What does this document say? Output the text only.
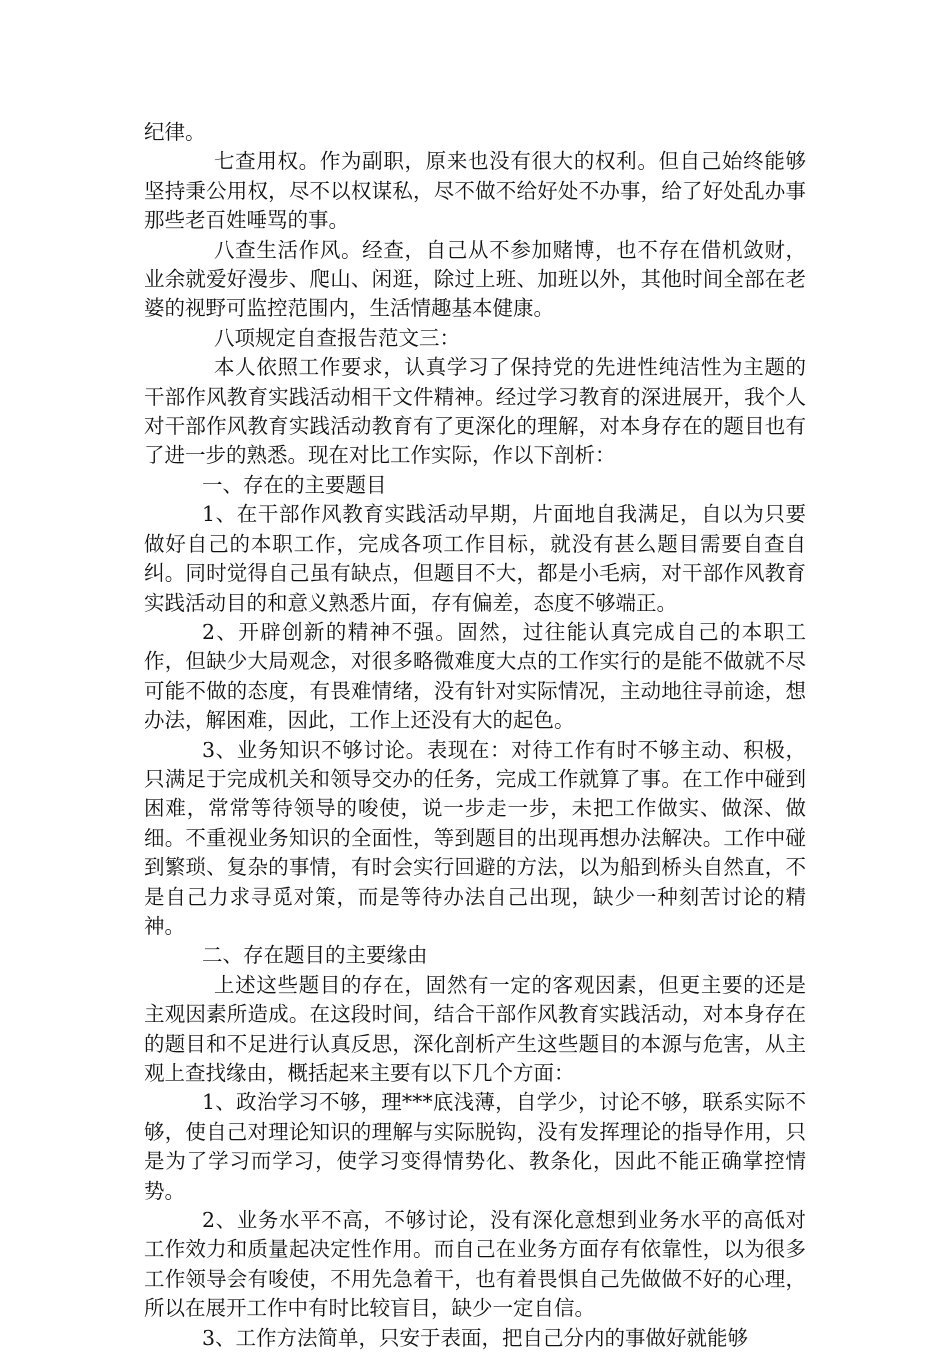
纪律。

七查用权。作为副职，原来也没有很大的权利。但自己始终能够坚持秉公用权，尽不以权谋私，尽不做不给好处不办事，给了好处乱办事那些老百姓唾骂的事。

八查生活作风。经查，自己从不参加赌博，也不存在借机敛财，业余就爱好漫步、爬山、闲逛，除过上班、加班以外，其他时间全部在老婆的视野可监控范围内，生活情趣基本健康。

八项规定自查报告范文三：

本人依照工作要求，认真学习了保持党的先进性纯洁性为主题的干部作风教育实践活动相干文件精神。经过学习教育的深进展开，我个人对干部作风教育实践活动教育有了更深化的理解，对本身存在的题目也有了进一步的熟悉。现在对比工作实际，作以下剖析：

一、存在的主要题目

1、在干部作风教育实践活动早期，片面地自我满足，自以为只要做好自己的本职工作，完成各项工作目标，就没有甚么题目需要自查自纠。同时觉得自己虽有缺点，但题目不大，都是小毛病，对干部作风教育实践活动目的和意义熟悉片面，存有偏差，态度不够端正。

2、开辟创新的精神不强。固然，过往能认真完成自己的本职工作，但缺少大局观念，对很多略微难度大点的工作实行的是能不做就不尽可能不做的态度，有畏难情绪，没有针对实际情况，主动地往寻前途，想办法，解困难，因此，工作上还没有大的起色。

3、业务知识不够讨论。表现在：对待工作有时不够主动、积极，只满足于完成机关和领导交办的任务，完成工作就算了事。在工作中碰到困难，常常等待领导的唆使，说一步走一步，未把工作做实、做深、做细。不重视业务知识的全面性，等到题目的出现再想办法解决。工作中碰到繁琐、复杂的事情，有时会实行回避的方法，以为船到桥头自然直，不是自己力求寻觅对策，而是等待办法自己出现，缺少一种刻苦讨论的精神。

二、存在题目的主要缘由

上述这些题目的存在，固然有一定的客观因素，但更主要的还是主观因素所造成。在这段时间，结合干部作风教育实践活动，对本身存在的题目和不足进行认真反思，深化剖析产生这些题目的本源与危害，从主观上查找缘由，概括起来主要有以下几个方面：

1、政治学习不够，理***底浅薄，自学少，讨论不够，联系实际不够，使自己对理论知识的理解与实际脱钩，没有发挥理论的指导作用，只是为了学习而学习，使学习变得情势化、教条化，因此不能正确掌控情势。

2、业务水平不高，不够讨论，没有深化意想到业务水平的高低对工作效力和质量起决定性作用。而自己在业务方面存有依靠性，以为很多工作领导会有唆使，不用先急着干，也有着畏惧自己先做做不好的心理，所以在展开工作中有时比较盲目，缺少一定自信。

3、工作方法简单，只安于表面，把自己分内的事做好就能够
